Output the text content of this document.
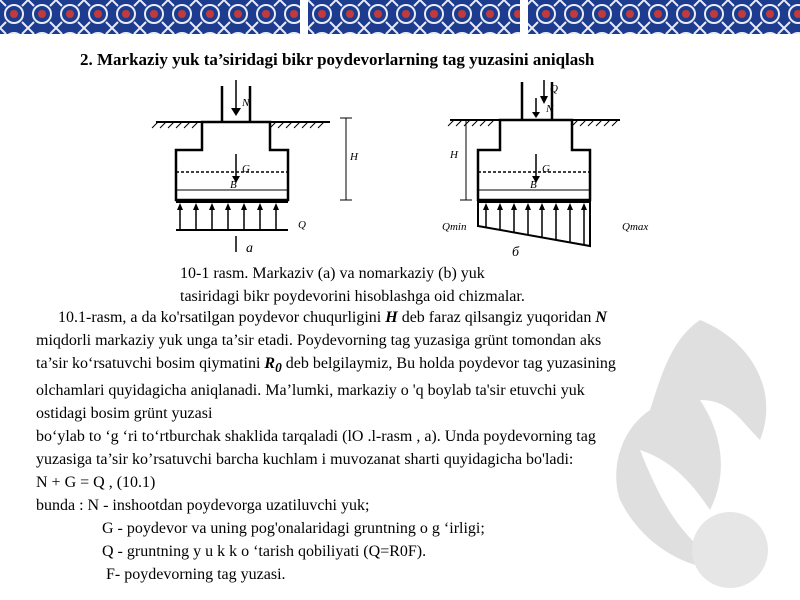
2. Markaziy yuk ta’siridagi bikr poydevorlarning tag yuzasini aniqlash
N
G
B
H
Q
a
Q
N
H
G
B
Qmin	Qmax
б
10-1 rasm. Markaziv (a) va nomarkaziy (b) yuk
tasiridagi bikr poydevorini hisoblashga oid chizmalar.

10.1-rasm, a da ko'rsatilgan poydevor chuqurligini H deb faraz qilsangiz yuqoridan N

miqdorli markaziy yuk unga ta’sir etadi. Poydevorning tag yuzasiga grünt tomondan aks

ta’sir ko‘rsatuvchi bosim qiymatini $R_0$ deb belgilaymiz, Bu holda poydevor tag yuzasining

olchamlari quyidagicha aniqlanadi. Ma’lumki, markaziy o 'q boylab ta'sir etuvchi yuk

ostidagi bosim grünt yuzasi

bo‘ylab to ‘g ‘ri to‘rtburchak shaklida tarqaladi (lO .l-rasm , a). Unda poydevorning tag

yuzasiga ta’sir ko’rsatuvchi barcha kuchlam i muvozanat sharti quyidagicha bo'ladi:

N + G = Q , (10.1)

bunda : N - inshootdan poydevorga uzatiluvchi yuk;

G - poydevor va uning pog'onalaridagi gruntning o g ‘irligi;

Q - gruntning y u k k o ‘tarish qobiliyati (Q=R0F).

F- poydevorning tag yuzasi.
